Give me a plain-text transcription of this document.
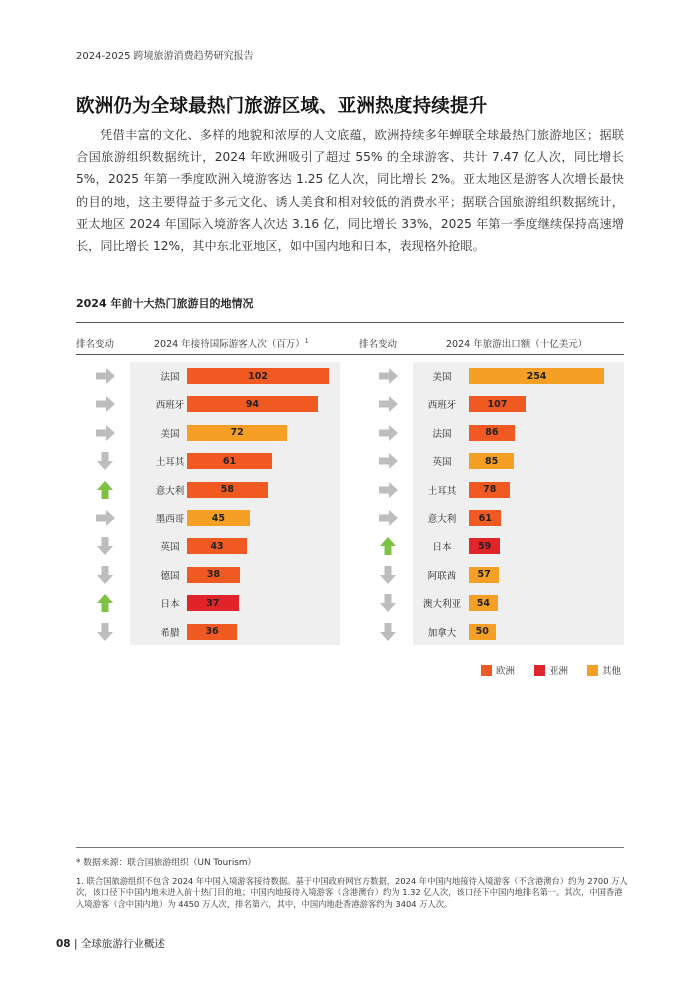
2024-2025 跨境旅游消费趋势研究报告
欧洲仍为全球最热门旅游区域、亚洲热度持续提升
凭借丰富的文化、多样的地貌和浓厚的人文底蕴，欧洲持续多年蝉联全球最热门旅游地区；据联合国旅游组织数据统计，2024 年欧洲吸引了超过 55% 的全球游客、共计 7.47 亿人次，同比增长 5%，2025 年第一季度欧洲入境游客达 1.25 亿人次，同比增长 2%。亚太地区是游客人次增长最快的目的地，这主要得益于多元文化、诱人美食和相对较低的消费水平；据联合国旅游组织数据统计，亚太地区 2024 年国际入境游客人次达 3.16 亿，同比增长 33%，2025 年第一季度继续保持高速增长，同比增长 12%，其中东北亚地区，如中国内地和日本，表现格外抢眼。
2024 年前十大热门旅游目的地情况
排名变动	2024 年接待国际游客人次（百万）$^1$	排名变动	2024 年旅游出口额（十亿美元）
法国	102
西班牙	94
美国	72
土耳其	61
意大利	58
墨西哥	45
英国	43
德国	38
日本	37
希腊	36
美国	254
西班牙	107
法国	86
英国	85
土耳其	78
意大利	61
日本	59
阿联酋	57
澳大利亚	54
加拿大	50
欧洲	亚洲	其他
* 数据来源：联合国旅游组织（UN Tourism）
1. 联合国旅游组织不包含 2024 年中国入境游客接待数据。基于中国政府网官方数据，2024 年中国内地接待入境游客（不含港澳台）约为 2700 万人次，该口径下中国内地未进入前十热门目的地；中国内地接待入境游客（含港澳台）约为 1.32 亿人次，该口径下中国内地排名第一。其次，中国香港入境游客（含中国内地）为 4450 万人次，排名第六，其中，中国内地赴香港游客约为 3404 万人次。
08 | 全球旅游行业概述
